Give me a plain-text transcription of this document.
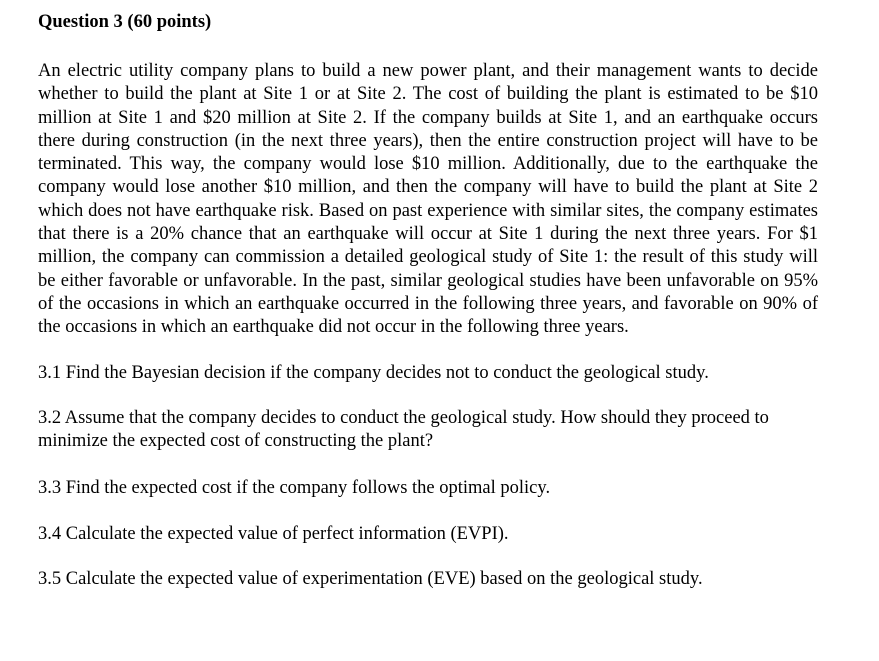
Question 3 (60 points)

An electric utility company plans to build a new power plant, and their management wants to decide whether to build the plant at Site 1 or at Site 2. The cost of building the plant is estimated to be $10 million at Site 1 and $20 million at Site 2. If the company builds at Site 1, and an earthquake occurs there during construction (in the next three years), then the entire construction project will have to be terminated. This way, the company would lose $10 million. Additionally, due to the earthquake the company would lose another $10 million, and then the company will have to build the plant at Site 2 which does not have earthquake risk. Based on past experience with similar sites, the company estimates that there is a 20% chance that an earthquake will occur at Site 1 during the next three years. For $1 million, the company can commission a detailed geological study of Site 1: the result of this study will be either favorable or unfavorable. In the past, similar geological studies have been unfavorable on 95% of the occasions in which an earthquake occurred in the following three years, and favorable on 90% of the occasions in which an earthquake did not occur in the following three years.

3.1 Find the Bayesian decision if the company decides not to conduct the geological study.

3.2 Assume that the company decides to conduct the geological study. How should they proceed to minimize the expected cost of constructing the plant?

3.3 Find the expected cost if the company follows the optimal policy.

3.4 Calculate the expected value of perfect information (EVPI).

3.5 Calculate the expected value of experimentation (EVE) based on the geological study.
